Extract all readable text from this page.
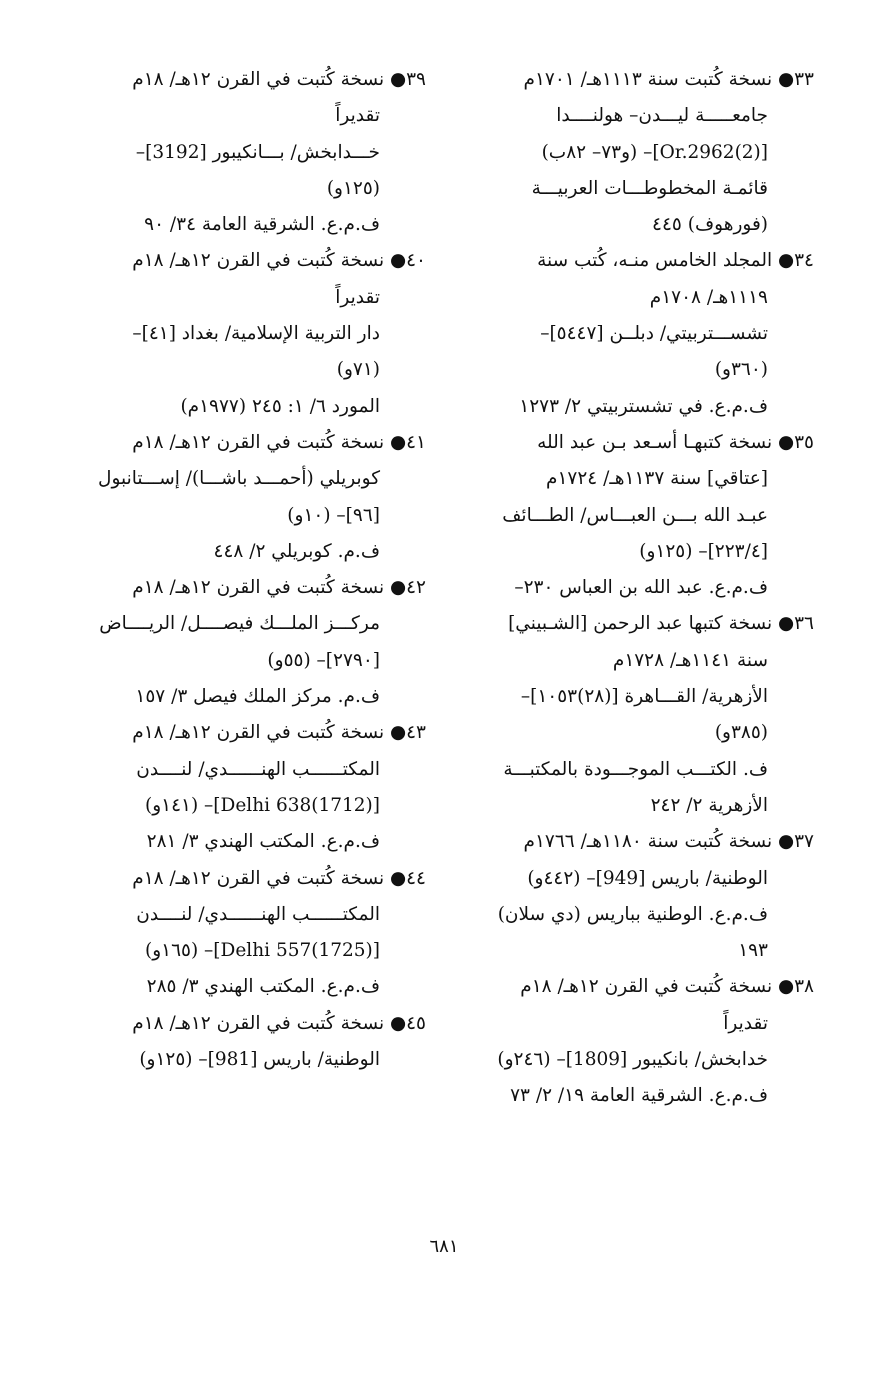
٣٣● نسخة كُتبت سنة ١١١٣هـ/ ١٧٠١م
جامعـــــة ليـــدن– هولنــــدا
[Or.2962(2)]– (و٧٣– ٨٢ب)
قائمـة المخطوطـــات العربيـــة
(فورهوف) ٤٤٥
٣٤● المجلد الخامس منـه، كُتب سنة
١١١٩هـ/ ١٧٠٨م
تشســـتربيتي/ دبلــن [٥٤٤٧]–
(٣٦٠و)
ف.م.ع. في تشستربيتي ٢/ ١٢٧٣
٣٥● نسخة كتبهـا أسـعد بـن عبد الله
[عتاقي] سنة ١١٣٧هـ/ ١٧٢٤م
عبـد الله بـــن العبـــاس/ الطـــائف
[٢٢٣/٤]– (١٢٥و)
ف.م.ع. عبد الله بن العباس ٢٣٠–
٣٦● نسخة كتبها عبد الرحمن [الشـبيني]
سنة ١١٤١هـ/ ١٧٢٨م
الأزهرية/ القـــاهرة [(٢٨)١٠٥٣]–
(٣٨٥و)
ف. الكتـــب الموجـــودة بالمكتبـــة
الأزهرية ٢/ ٢٤٢
٣٧● نسخة كُتبت سنة ١١٨٠هـ/ ١٧٦٦م
الوطنية/ باريس [949]– (٤٤٢و)
ف.م.ع. الوطنية بباريس (دي سلان)
١٩٣
٣٨● نسخة كُتبت في القرن ١٢هـ/ ١٨م
تقديراً
خدابخش/ بانكيبور [1809]– (٢٤٦و)
ف.م.ع. الشرقية العامة ١٩/ ٢/ ٧٣
٣٩● نسخة كُتبت في القرن ١٢هـ/ ١٨م
تقديراً
خـــدابخش/ بـــانكيبور [3192]–
(١٢٥و)
ف.م.ع. الشرقية العامة ٣٤/ ٩٠
٤٠● نسخة كُتبت في القرن ١٢هـ/ ١٨م
تقديراً
دار التربية الإسلامية/ بغداد [٤١]–
(٧١و)
المورد ٦/ ١: ٢٤٥ (١٩٧٧م)
٤١● نسخة كُتبت في القرن ١٢هـ/ ١٨م
كوبريلي (أحمـــد باشـــا)/ إســـتانبول
[٩٦]– (١٠و)
ف.م. كوبريلي ٢/ ٤٤٨
٤٢● نسخة كُتبت في القرن ١٢هـ/ ١٨م
مركـــز الملـــك فيصــــل/ الريــــاض
[٢٧٩٠]– (٥٥و)
ف.م. مركز الملك فيصل ٣/ ١٥٧
٤٣● نسخة كُتبت في القرن ١٢هـ/ ١٨م
المكتــــــب الهنــــــدي/ لنــــدن
[Delhi 638(1712)]– (١٤١و)
ف.م.ع. المكتب الهندي ٣/ ٢٨١
٤٤● نسخة كُتبت في القرن ١٢هـ/ ١٨م
المكتــــــب الهنــــــدي/ لنــــدن
[Delhi 557(1725)]– (١٦٥و)
ف.م.ع. المكتب الهندي ٣/ ٢٨٥
٤٥● نسخة كُتبت في القرن ١٢هـ/ ١٨م
الوطنية/ باريس [981]– (١٢٥و)
٦٨١
